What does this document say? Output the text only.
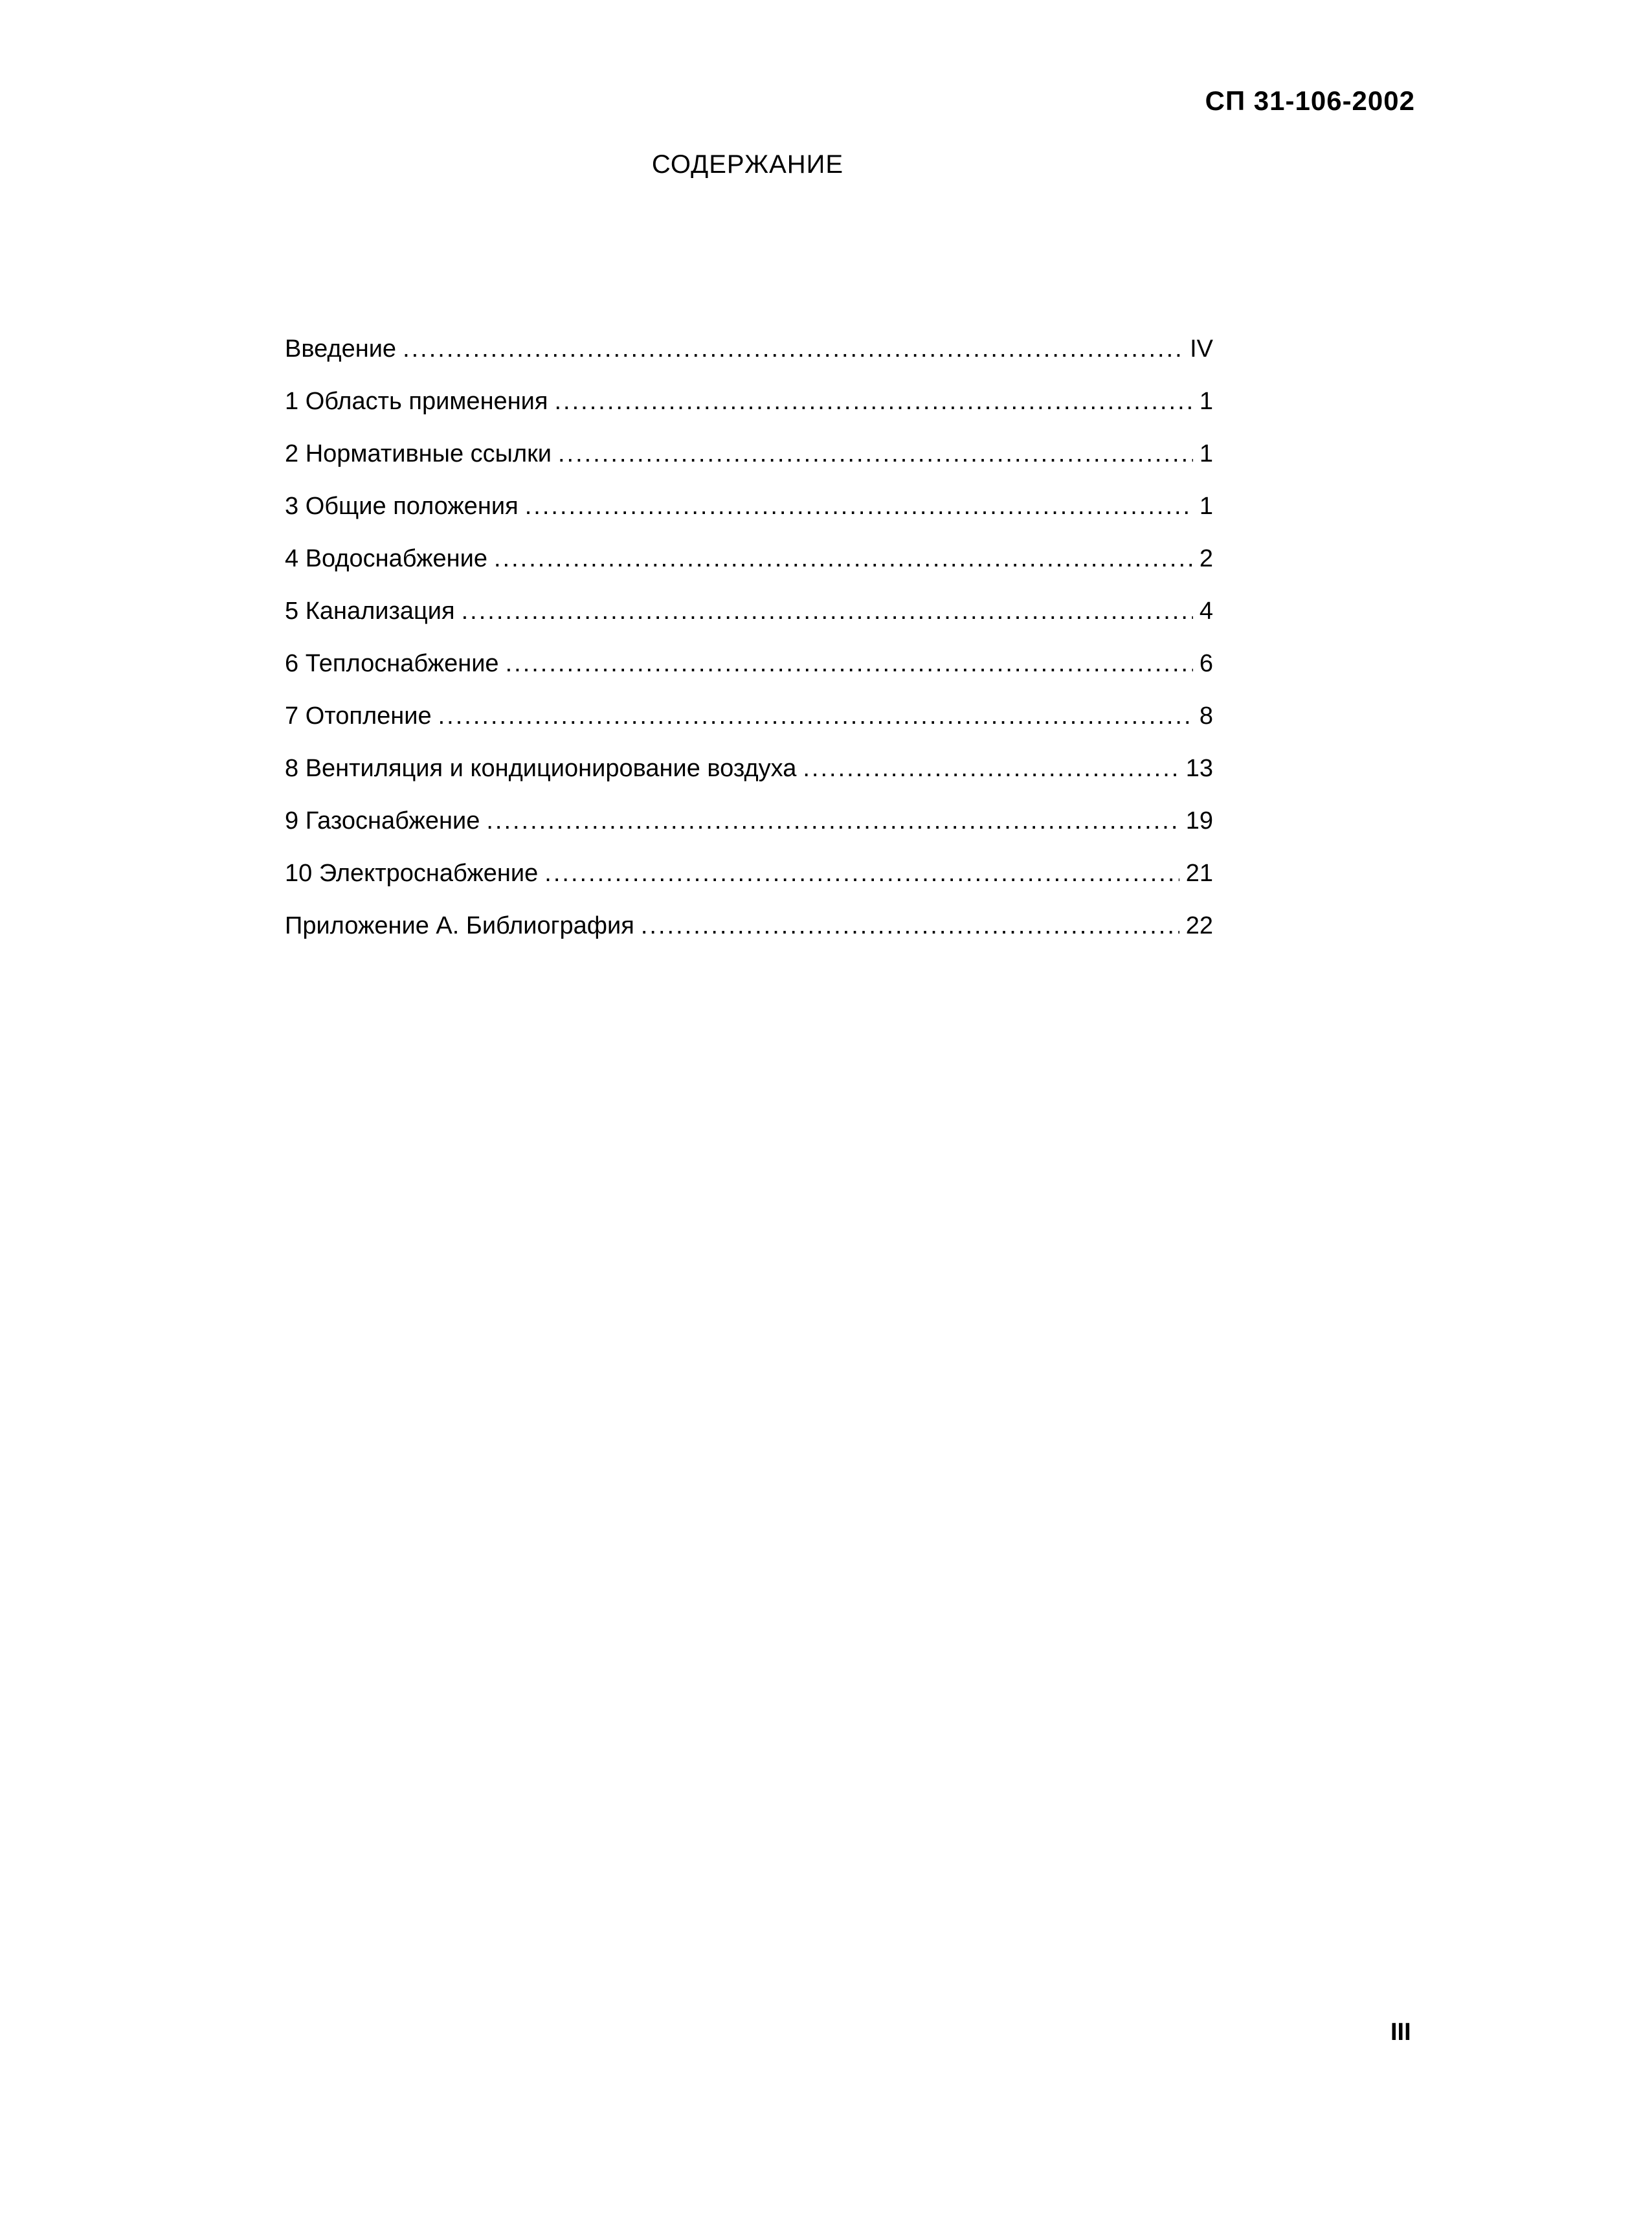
СП 31-106-2002
СОДЕРЖАНИЕ
Введение .....	IV
1 Область применения .....	1
2 Нормативные ссылки .....	1
3 Общие положения .....	1
4 Водоснабжение .....	2
5 Канализация .....	4
6 Теплоснабжение .....	6
7 Отопление .....	8
8 Вентиляция и кондиционирование воздуха .....	13
9 Газоснабжение .....	19
10 Электроснабжение .....	21
Приложение А. Библиография .....	22
III
